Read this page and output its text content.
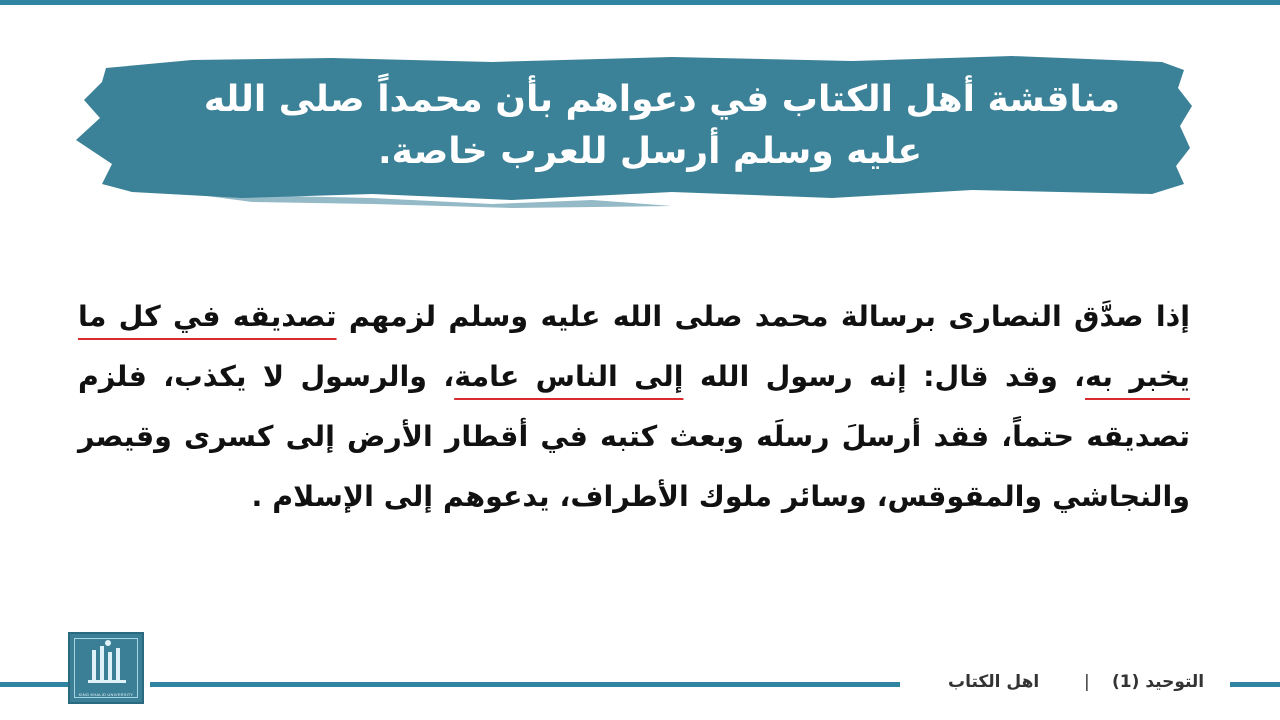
مناقشة أهل الكتاب في دعواهم بأن محمداً صلى الله
عليه وسلم أرسل للعرب خاصة.
إذا صدَّق النصارى برسالة محمد صلى الله عليه وسلم لزمهم تصديقه في كل ما يخبر به، وقد قال: إنه رسول الله إلى الناس عامة، والرسول لا يكذب، فلزم تصديقه حتماً، فقد أرسلَ رسلَه وبعث كتبه في أقطار الأرض إلى كسرى وقيصر والنجاشي والمقوقس، وسائر ملوك الأطراف، يدعوهم إلى الإسلام .
KING KHALID UNIVERSITY
التوحيد (1)
|
اهل الكتاب
